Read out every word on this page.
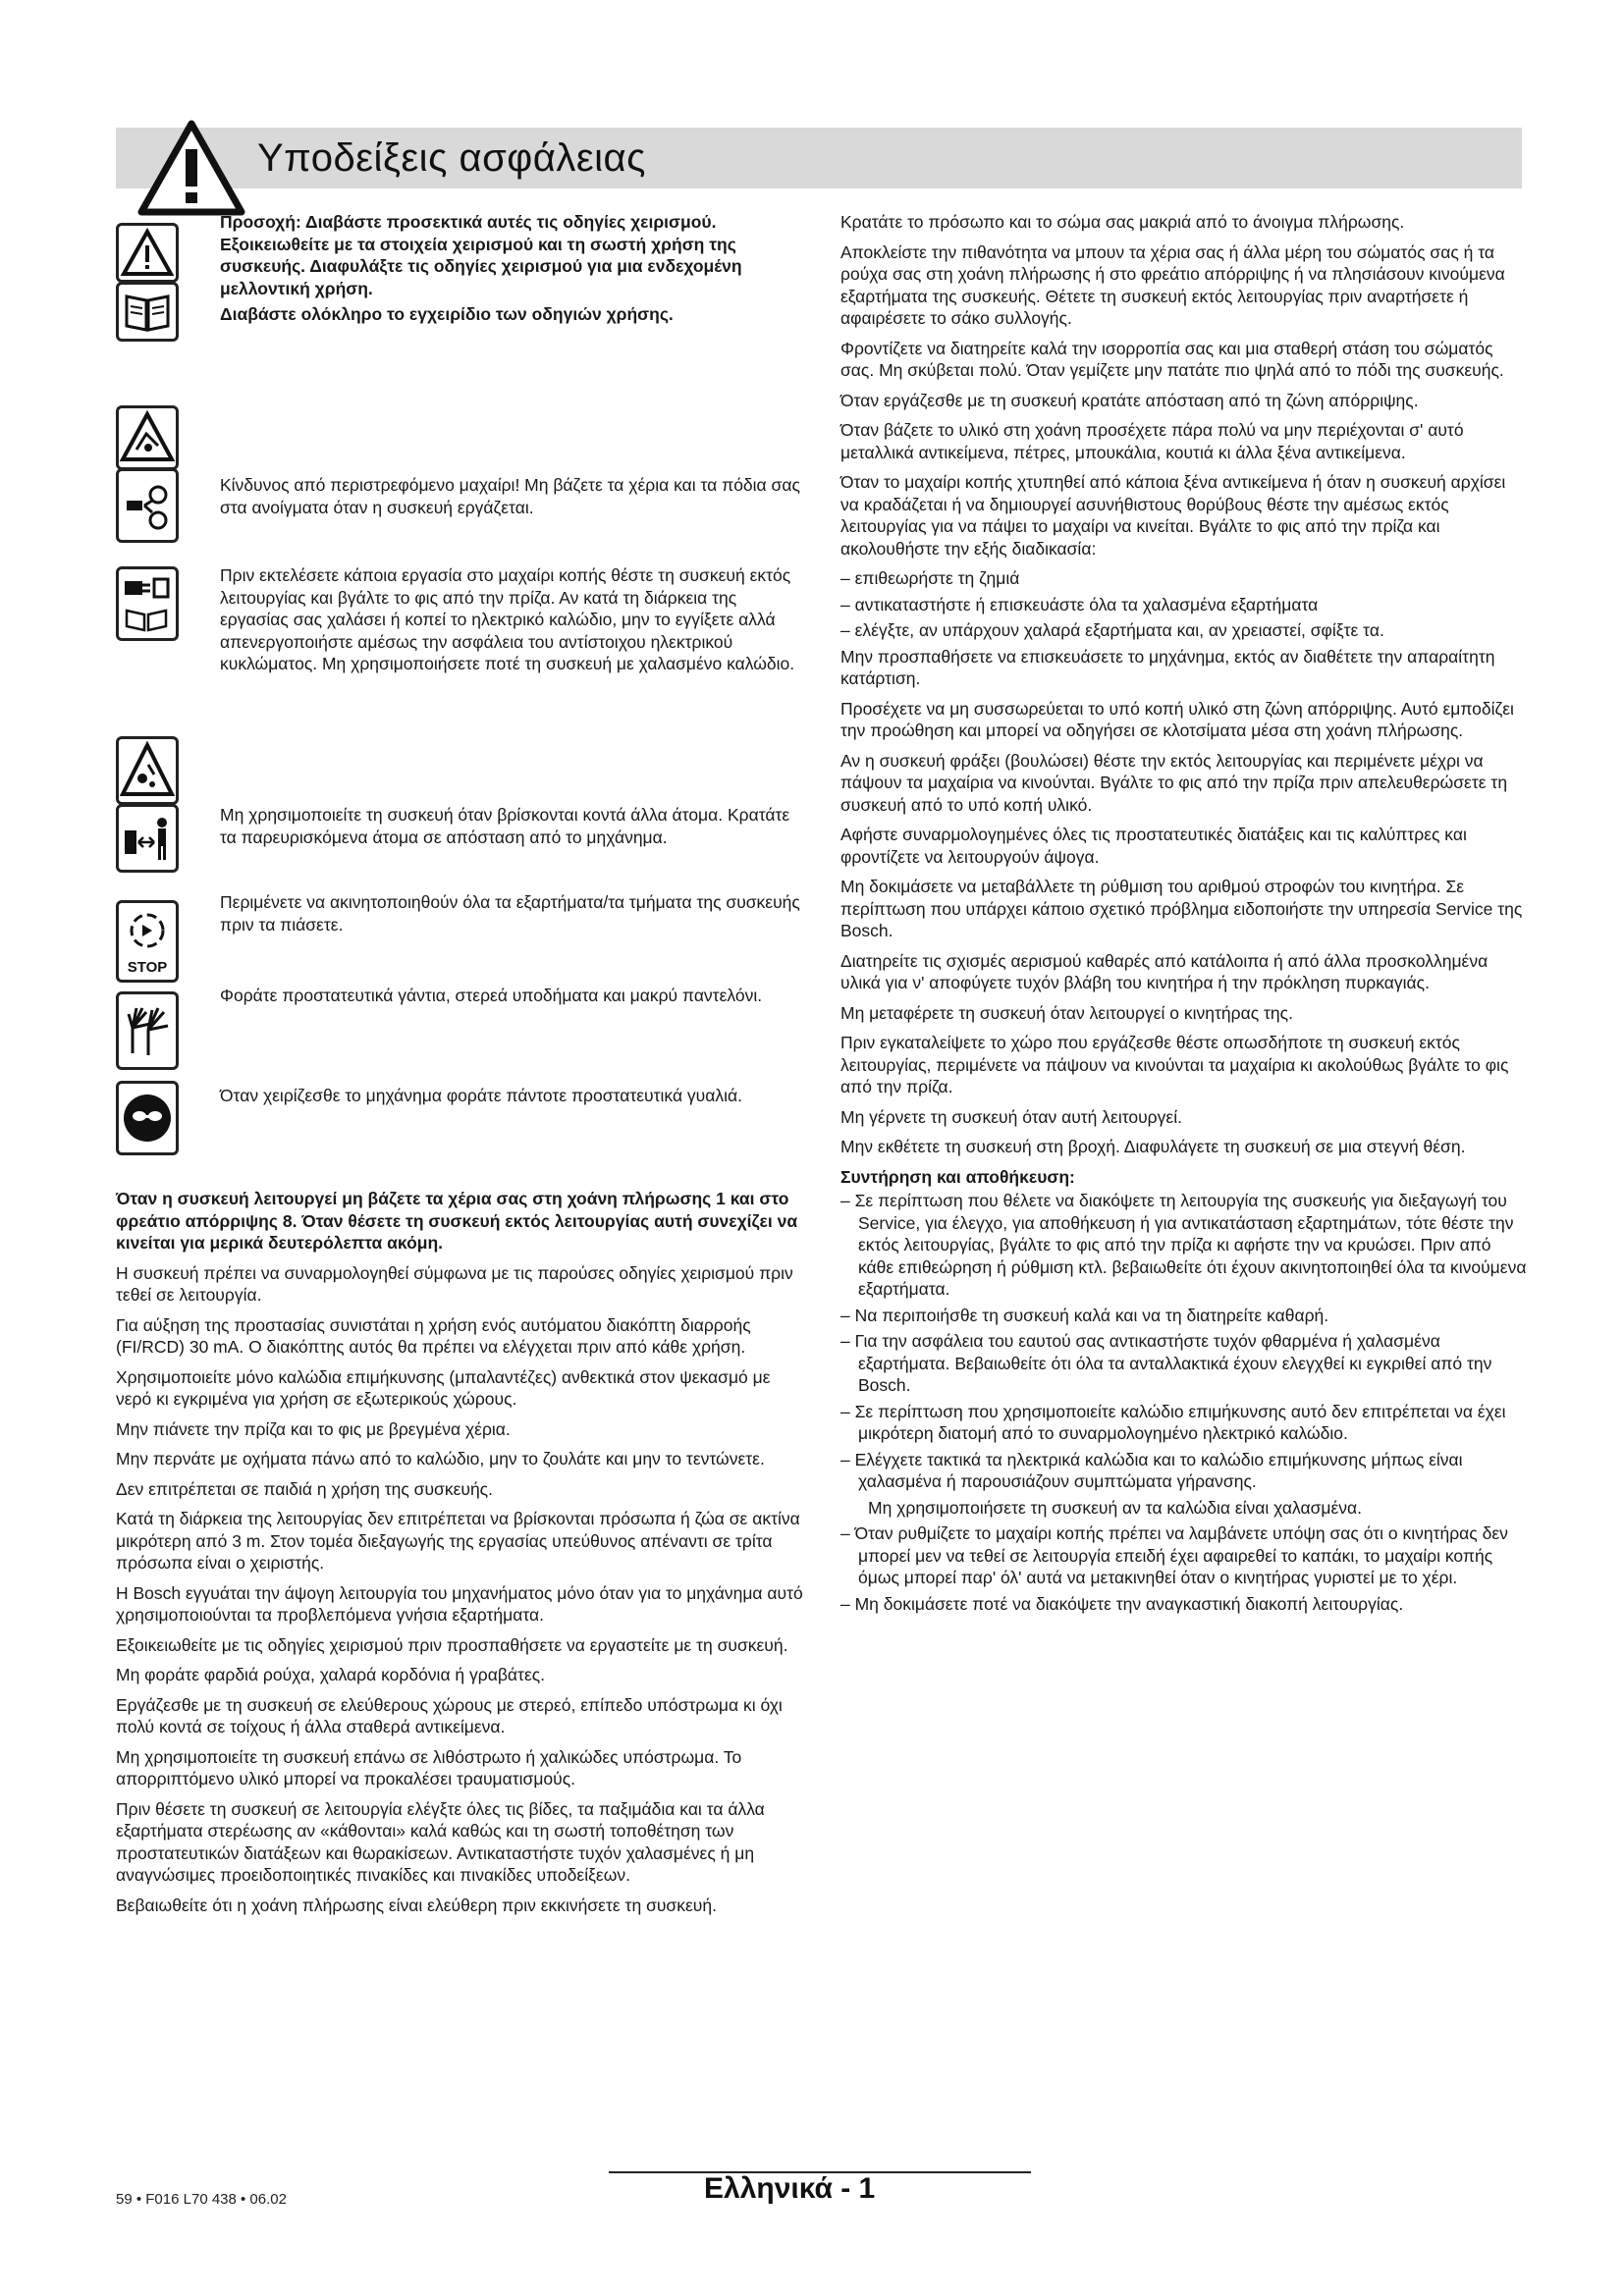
Υποδείξεις ασφάλειας

Προσοχή: Διαβάστε προσεκτικά αυτές τις οδηγίες χειρισμού. Εξοικειωθείτε με τα στοιχεία χειρισμού και τη σωστή χρήση της συσκευής. Διαφυλάξτε τις οδηγίες χειρισμού για μια ενδεχομένη μελλοντική χρήση.

Διαβάστε ολόκληρο το εγχειρίδιο των οδηγιών χρήσης.

Κίνδυνος από περιστρεφόμενο μαχαίρι! Μη βάζετε τα χέρια και τα πόδια σας στα ανοίγματα όταν η συσκευή εργάζεται.

Πριν εκτελέσετε κάποια εργασία στο μαχαίρι κοπής θέστε τη συσκευή εκτός λειτουργίας και βγάλτε το φις από την πρίζα. Αν κατά τη διάρκεια της εργασίας σας χαλάσει ή κοπεί το ηλεκτρικό καλώδιο, μην το εγγίξετε αλλά απενεργοποιήστε αμέσως την ασφάλεια του αντίστοιχου ηλεκτρικού κυκλώματος. Μη χρησιμοποιήσετε ποτέ τη συσκευή με χαλασμένο καλώδιο.

Μη χρησιμοποιείτε τη συσκευή όταν βρίσκονται κοντά άλλα άτομα. Κρατάτε τα παρευρισκόμενα άτομα σε απόσταση από το μηχάνημα.

STOP

Περιμένετε να ακινητοποιηθούν όλα τα εξαρτήματα/τα τμήματα της συσκευής πριν τα πιάσετε.

Φοράτε προστατευτικά γάντια, στερεά υποδήματα και μακρύ παντελόνι.

Όταν χειρίζεσθε το μηχάνημα φοράτε πάντοτε προστατευτικά γυαλιά.

Όταν η συσκευή λειτουργεί μη βάζετε τα χέρια σας στη χοάνη πλήρωσης 1 και στο φρεάτιο απόρριψης 8. Όταν θέσετε τη συσκευή εκτός λειτουργίας αυτή συνεχίζει να κινείται για μερικά δευτερόλεπτα ακόμη.

Η συσκευή πρέπει να συναρμολογηθεί σύμφωνα με τις παρούσες οδηγίες χειρισμού πριν τεθεί σε λειτουργία.

Για αύξηση της προστασίας συνιστάται η χρήση ενός αυτόματου διακόπτη διαρροής (FI/RCD) 30 mA. Ο διακόπτης αυτός θα πρέπει να ελέγχεται πριν από κάθε χρήση.

Χρησιμοποιείτε μόνο καλώδια επιμήκυνσης (μπαλαντέζες) ανθεκτικά στον ψεκασμό με νερό κι εγκριμένα για χρήση σε εξωτερικούς χώρους.

Μην πιάνετε την πρίζα και το φις με βρεγμένα χέρια.

Μην περνάτε με οχήματα πάνω από το καλώδιο, μην το ζουλάτε και μην το τεντώνετε.

Δεν επιτρέπεται σε παιδιά η χρήση της συσκευής.

Κατά τη διάρκεια της λειτουργίας δεν επιτρέπεται να βρίσκονται πρόσωπα ή ζώα σε ακτίνα μικρότερη από 3 m. Στον τομέα διεξαγωγής της εργασίας υπεύθυνος απέναντι σε τρίτα πρόσωπα είναι ο χειριστής.

Η Bosch εγγυάται την άψογη λειτουργία του μηχανήματος μόνο όταν για το μηχάνημα αυτό χρησιμοποιούνται τα προβλεπόμενα γνήσια εξαρτήματα.

Εξοικειωθείτε με τις οδηγίες χειρισμού πριν προσπαθήσετε να εργαστείτε με τη συσκευή.

Μη φοράτε φαρδιά ρούχα, χαλαρά κορδόνια ή γραβάτες.

Εργάζεσθε με τη συσκευή σε ελεύθερους χώρους με στερεό, επίπεδο υπόστρωμα κι όχι πολύ κοντά σε τοίχους ή άλλα σταθερά αντικείμενα.

Μη χρησιμοποιείτε τη συσκευή επάνω σε λιθόστρωτο ή χαλικώδες υπόστρωμα. Το απορριπτόμενο υλικό μπορεί να προκαλέσει τραυματισμούς.

Πριν θέσετε τη συσκευή σε λειτουργία ελέγξτε όλες τις βίδες, τα παξιμάδια και τα άλλα εξαρτήματα στερέωσης αν «κάθονται» καλά καθώς και τη σωστή τοποθέτηση των προστατευτικών διατάξεων και θωρακίσεων. Αντικαταστήστε τυχόν χαλασμένες ή μη αναγνώσιμες προειδοποιητικές πινακίδες και πινακίδες υποδείξεων.

Βεβαιωθείτε ότι η χοάνη πλήρωσης είναι ελεύθερη πριν εκκινήσετε τη συσκευή.

Κρατάτε το πρόσωπο και το σώμα σας μακριά από το άνοιγμα πλήρωσης.

Αποκλείστε την πιθανότητα να μπουν τα χέρια σας ή άλλα μέρη του σώματός σας ή τα ρούχα σας στη χοάνη πλήρωσης ή στο φρεάτιο απόρριψης ή να πλησιάσουν κινούμενα εξαρτήματα της συσκευής. Θέτετε τη συσκευή εκτός λειτουργίας πριν αναρτήσετε ή αφαιρέσετε το σάκο συλλογής.

Φροντίζετε να διατηρείτε καλά την ισορροπία σας και μια σταθερή στάση του σώματός σας. Μη σκύβεται πολύ. Όταν γεμίζετε μην πατάτε πιο ψηλά από το πόδι της συσκευής.

Όταν εργάζεσθε με τη συσκευή κρατάτε απόσταση από τη ζώνη απόρριψης.

Όταν βάζετε το υλικό στη χοάνη προσέχετε πάρα πολύ να μην περιέχονται σ' αυτό μεταλλικά αντικείμενα, πέτρες, μπουκάλια, κουτιά κι άλλα ξένα αντικείμενα.

Όταν το μαχαίρι κοπής χτυπηθεί από κάποια ξένα αντικείμενα ή όταν η συσκευή αρχίσει να κραδάζεται ή να δημιουργεί ασυνήθιστους θορύβους θέστε την αμέσως εκτός λειτουργίας για να πάψει το μαχαίρι να κινείται. Βγάλτε το φις από την πρίζα και ακολουθήστε την εξής διαδικασία:

– επιθεωρήστε τη ζημιά

– αντικαταστήστε ή επισκευάστε όλα τα χαλασμένα εξαρτήματα

– ελέγξτε, αν υπάρχουν χαλαρά εξαρτήματα και, αν χρειαστεί, σφίξτε τα.

Μην προσπαθήσετε να επισκευάσετε το μηχάνημα, εκτός αν διαθέτετε την απαραίτητη κατάρτιση.

Προσέχετε να μη συσσωρεύεται το υπό κοπή υλικό στη ζώνη απόρριψης. Αυτό εμποδίζει την προώθηση και μπορεί να οδηγήσει σε κλοτσίματα μέσα στη χοάνη πλήρωσης.

Αν η συσκευή φράξει (βουλώσει) θέστε την εκτός λειτουργίας και περιμένετε μέχρι να πάψουν τα μαχαίρια να κινούνται. Βγάλτε το φις από την πρίζα πριν απελευθερώσετε τη συσκευή από το υπό κοπή υλικό.

Αφήστε συναρμολογημένες όλες τις προστατευτικές διατάξεις και τις καλύπτρες και φροντίζετε να λειτουργούν άψογα.

Μη δοκιμάσετε να μεταβάλλετε τη ρύθμιση του αριθμού στροφών του κινητήρα. Σε περίπτωση που υπάρχει κάποιο σχετικό πρόβλημα ειδοποιήστε την υπηρεσία Service της Bosch.

Διατηρείτε τις σχισμές αερισμού καθαρές από κατάλοιπα ή από άλλα προσκολλημένα υλικά για ν' αποφύγετε τυχόν βλάβη του κινητήρα ή την πρόκληση πυρκαγιάς.

Μη μεταφέρετε τη συσκευή όταν λειτουργεί ο κινητήρας της.

Πριν εγκαταλείψετε το χώρο που εργάζεσθε θέστε οπωσδήποτε τη συσκευή εκτός λειτουργίας, περιμένετε να πάψουν να κινούνται τα μαχαίρια κι ακολούθως βγάλτε το φις από την πρίζα.

Μη γέρνετε τη συσκευή όταν αυτή λειτουργεί.

Μην εκθέτετε τη συσκευή στη βροχή. Διαφυλάγετε τη συσκευή σε μια στεγνή θέση.

Συντήρηση και αποθήκευση:

– Σε περίπτωση που θέλετε να διακόψετε τη λειτουργία της συσκευής για διεξαγωγή του Service, για έλεγχο, για αποθήκευση ή για αντικατάσταση εξαρτημάτων, τότε θέστε την εκτός λειτουργίας, βγάλτε το φις από την πρίζα κι αφήστε την να κρυώσει. Πριν από κάθε επιθεώρηση ή ρύθμιση κτλ. βεβαιωθείτε ότι έχουν ακινητοποιηθεί όλα τα κινούμενα εξαρτήματα.

– Να περιποιήσθε τη συσκευή καλά και να τη διατηρείτε καθαρή.

– Για την ασφάλεια του εαυτού σας αντικαστήστε τυχόν φθαρμένα ή χαλασμένα εξαρτήματα. Βεβαιωθείτε ότι όλα τα ανταλλακτικά έχουν ελεγχθεί κι εγκριθεί από την Bosch.

– Σε περίπτωση που χρησιμοποιείτε καλώδιο επιμήκυνσης αυτό δεν επιτρέπεται να έχει μικρότερη διατομή από το συναρμολογημένο ηλεκτρικό καλώδιο.

– Ελέγχετε τακτικά τα ηλεκτρικά καλώδια και το καλώδιο επιμήκυνσης μήπως είναι χαλασμένα ή παρουσιάζουν συμπτώματα γήρανσης.

Μη χρησιμοποιήσετε τη συσκευή αν τα καλώδια είναι χαλασμένα.

– Όταν ρυθμίζετε το μαχαίρι κοπής πρέπει να λαμβάνετε υπόψη σας ότι ο κινητήρας δεν μπορεί μεν να τεθεί σε λειτουργία επειδή έχει αφαιρεθεί το καπάκι, το μαχαίρι κοπής όμως μπορεί παρ' όλ' αυτά να μετακινηθεί όταν ο κινητήρας γυριστεί με το χέρι.

– Μη δοκιμάσετε ποτέ να διακόψετε την αναγκαστική διακοπή λειτουργίας.

59 • F016 L70 438 • 06.02	Ελληνικά - 1
